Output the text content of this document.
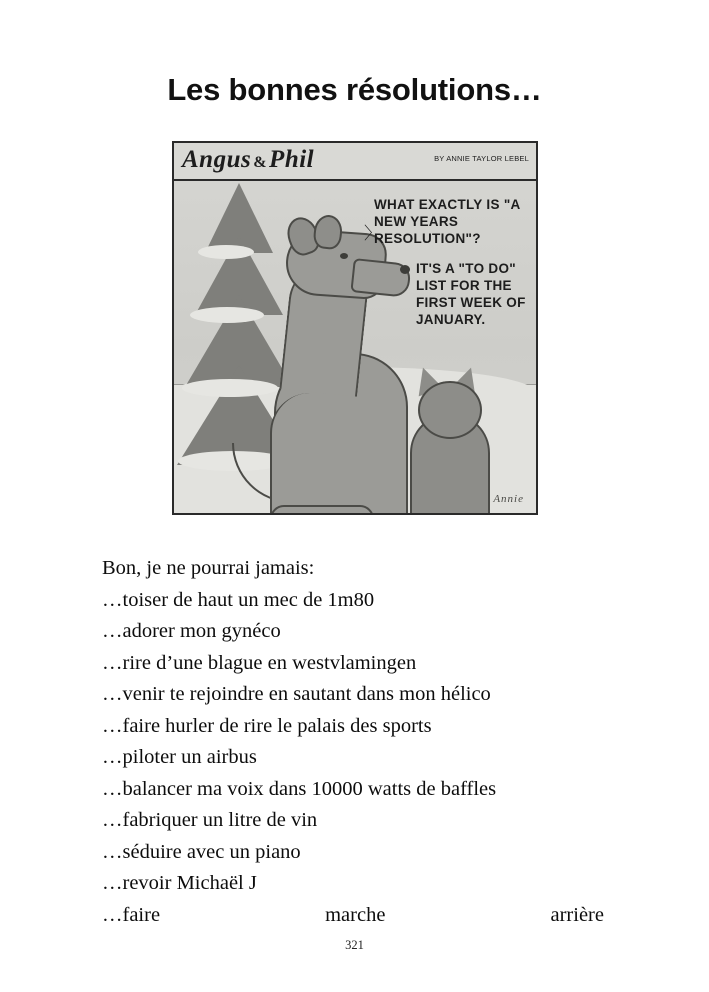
Les bonnes résolutions…
Angus &Phil	BY ANNIE TAYLOR LEBEL
〉
WHAT EXACTLY IS "A NEW YEARS RESOLUTION"?
IT'S A "TO DO" LIST FOR THE FIRST WEEK OF JANUARY.
Annie
Bon, je ne pourrai jamais:
…toiser de haut un mec de 1m80
…adorer mon gynéco
…rire d’une blague en westvlamingen
…venir te rejoindre en sautant dans mon hélico
…faire hurler de rire le palais des sports
…piloter un airbus
…balancer ma voix dans 10000 watts de baffles
…fabriquer un litre de vin
…séduire avec un piano
…revoir Michaël J
…faire	marche	arrière
321
